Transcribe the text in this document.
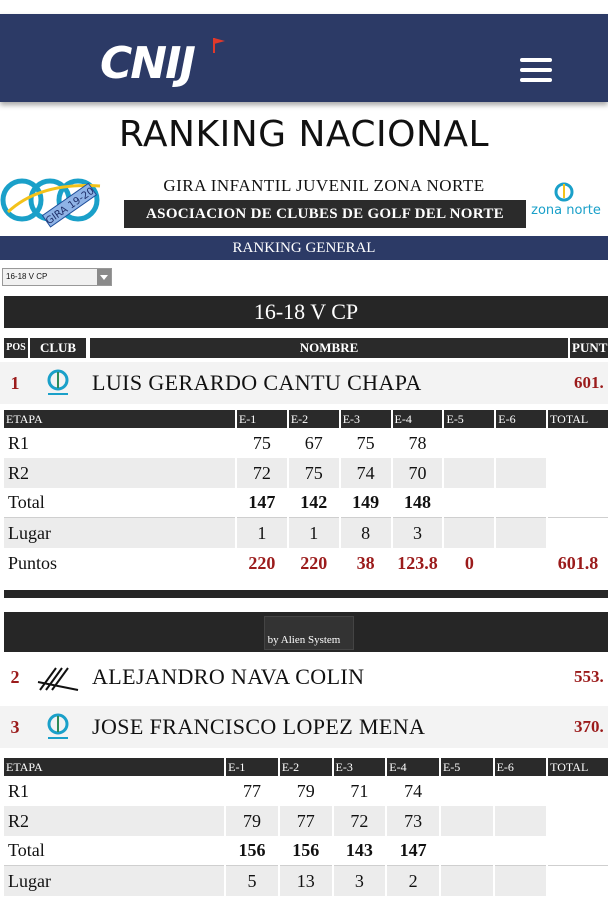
CNIJ
RANKING NACIONAL
GIRA 19-20
GIRA INFANTIL JUVENIL ZONA NORTE
ASOCIACION DE CLUBES DE GOLF DEL NORTE	zona norte
RANKING GENERAL
16-18 V CP
16-18 V CP
POS	CLUB	NOMBRE	PUNT
1	LUIS GERARDO CANTU CHAPA	601.
ETAPA	E-1	E-2	E-3	E-4	E-5	E-6	TOTAL
R1	75	67	75	78			
R2	72	75	74	70			
Total	147	142	149	148			
Lugar	1	1	8	3			
Puntos	220	220	38	123.8	0		601.8
by Alien System
2	ALEJANDRO NAVA COLIN	553.
3	JOSE FRANCISCO LOPEZ MENA	370.
ETAPA	E-1	E-2	E-3	E-4	E-5	E-6	TOTAL
R1	77	79	71	74			
R2	79	77	72	73			
Total	156	156	143	147			
Lugar	5	13	3	2			
